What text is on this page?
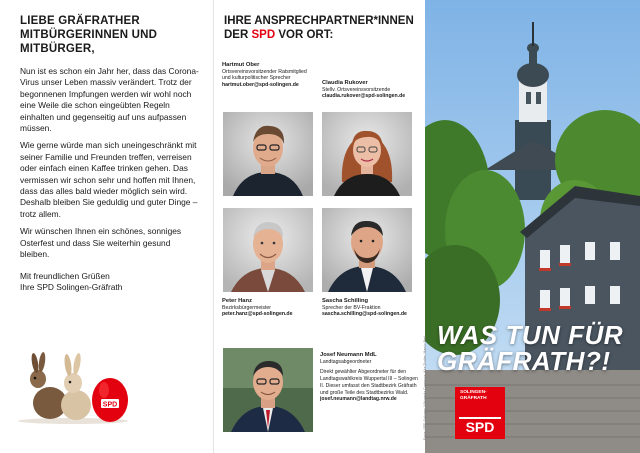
LIEBE GRÄFRATHER MITBÜRGERINNEN UND MITBÜRGER,

Nun ist es schon ein Jahr her, dass das Corona-Virus unser Leben massiv verändert. Trotz der begonnenen Impfungen werden wir wohl noch eine Weile die schon eingeübten Regeln einhalten und gegenseitig auf uns aufpassen müssen.

Wie gerne würde man sich uneingeschränkt mit seiner Familie und Freunden treffen, verreisen oder einfach einen Kaffee trinken gehen. Das vermissen wir schon sehr und hoffen mit Ihnen, dass das alles bald wieder möglich sein wird. Deshalb bleiben Sie geduldig und guter Dinge – trotz allem.

Wir wünschen Ihnen ein schönes, sonniges Osterfest und dass Sie weiterhin gesund bleiben.

Mit freundlichen Grüßen
Ihre SPD Solingen-Gräfrath
SPD
IHRE ANSPRECHPARTNER*INNEN
DER SPD VOR ORT:
Hartmut Ober
Ortsvereinsvorsitzender Ratsmitglied und kulturpolitischer Sprecher
hartmut.ober@spd-solingen.de	Claudia Rukover
Stellv. Ortsvereinsvorsitzende
claudia.rukover@spd-solingen.de
Peter Hanz
Bezirksbürgermeister
peter.hanz@spd-solingen.de
Sascha Schilling
Sprecher der BV-Fraktion
sascha.schilling@spd-solingen.de
Josef Neumann MdL
Landtagsabgeordneter
Direkt gewählter Abgeordneter für den Landtagswahlkreis Wuppertal III – Solingen II. Dieser umfasst den Stadtbezirk Gräfrath und große Teile des Stadtbezirks Wald.
josef.neumann@landtag.nrw.de
WAS TUN FÜR
GRÄFRATH?!
SOLINGEN-
GRÄFRATH
SPD
Fotos: SPD-Solingen, Wikimedia Commons, Kira Zindler, Marvin Brel
